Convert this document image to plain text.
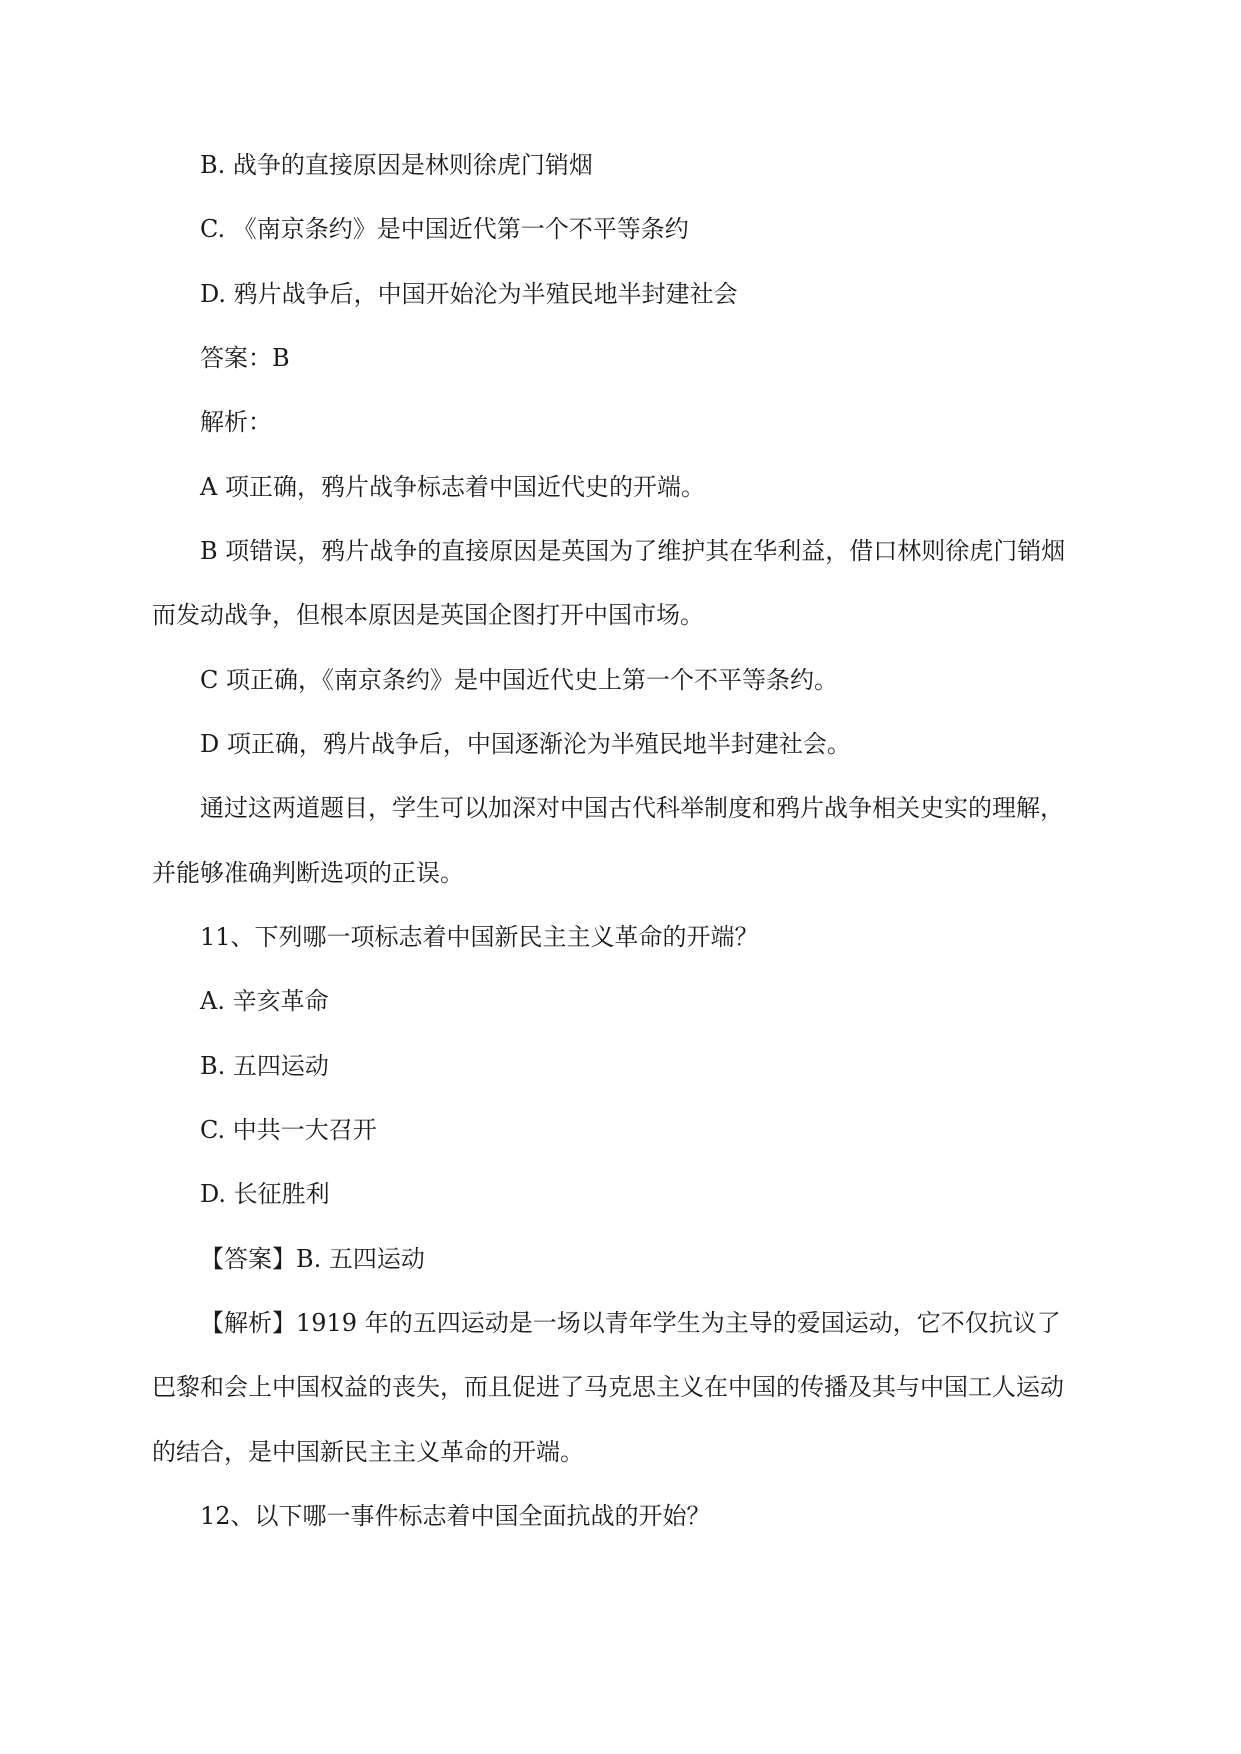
B. 战争的直接原因是林则徐虎门销烟
C. 《南京条约》是中国近代第一个不平等条约
D. 鸦片战争后，中国开始沦为半殖民地半封建社会
答案：B
解析：
A 项正确，鸦片战争标志着中国近代史的开端。
B 项错误，鸦片战争的直接原因是英国为了维护其在华利益，借口林则徐虎门销烟
而发动战争，但根本原因是英国企图打开中国市场。
C 项正确，《南京条约》是中国近代史上第一个不平等条约。
D 项正确，鸦片战争后，中国逐渐沦为半殖民地半封建社会。
通过这两道题目，学生可以加深对中国古代科举制度和鸦片战争相关史实的理解，
并能够准确判断选项的正误。
11、下列哪一项标志着中国新民主主义革命的开端？
A. 辛亥革命
B. 五四运动
C. 中共一大召开
D. 长征胜利
【答案】B. 五四运动
【解析】1919 年的五四运动是一场以青年学生为主导的爱国运动，它不仅抗议了
巴黎和会上中国权益的丧失，而且促进了马克思主义在中国的传播及其与中国工人运动
的结合，是中国新民主主义革命的开端。
12、以下哪一事件标志着中国全面抗战的开始？
